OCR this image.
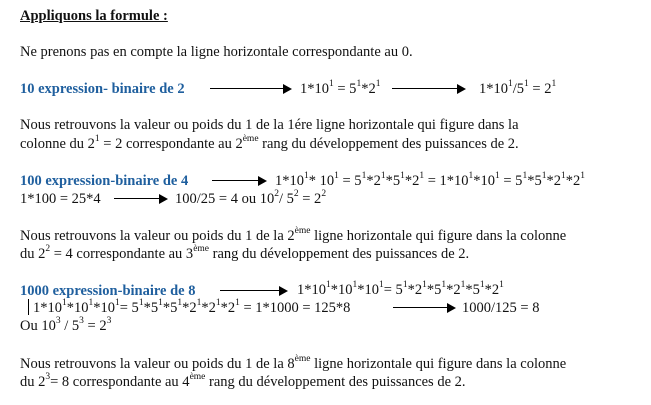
Appliquons la formule :
Ne prenons pas en compte la ligne horizontale correspondante au 0.
10 expression- binaire de 2	$1*10^1 = 5^1*2^1$	$1*10^1/5^1 = 2^1$
Nous retrouvons la valeur ou poids du 1 de la 1ére ligne horizontale qui figure dans la
colonne du $2^1 = 2$ correspondante au 2ème rang du développement des puissances de 2.
100 expression-binaire de 4	$1*10^1*$ $10^1 = 5^1*2^1*5^1*2^1 = 1*10^1*10^1 = 5^1*5^1*2^1*2^1$
1*100 = 25*4	100/25 = 4 ou $10^2/$ $5^2 = 2^2$
Nous retrouvons la valeur ou poids du 1 de la 2ème ligne horizontale qui figure dans la colonne
du $2^2 = 4$ correspondante au 3ème rang du développement des puissances de 2.
1000 expression-binaire de 8	$1*10^1*10^1*10^1= 5^1*2^1*5^1*2^1*5^1*2^1$
$1*10^1*10^1*10^1= 5^1*5^1*5^1*2^1*2^1*2^1 = 1*1000 = 125*8$	1000/125 = 8
Ou $10^3 / 5^3 = 2^3$
Nous retrouvons la valeur ou poids du 1 de la 8ème ligne horizontale qui figure dans la colonne
du $2^3= 8$ correspondante au 4ème rang du développement des puissances de 2.
